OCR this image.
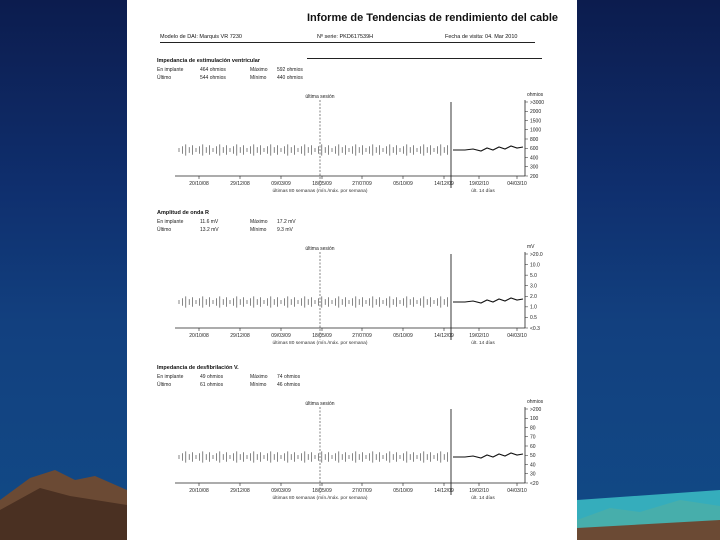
Informe de Tendencias de rendimiento del cable
Modelo de DAI: Marquis VR 7230	Nº serie: PKD617539H	Fecha de visita: 04. Mar 2010
Impedancia de estimulación ventricular
En implante	464 ohmios	Máximo 592 ohmios
Último	544 ohmios	Mínimo 440 ohmios
20/10/08	29/12/08	09/03/09	18/05/09	27/07/09	05/10/09	14/12/09	19/02/10	04/03/10
últimas 80 semanas (mín./máx. por semana)	últ. 14 días
última sesión	ohmios
>3000
2000
1500
1000
800
600
400
300
200
Amplitud de onda R
En implante	11.6 mV	Máximo 17.2 mV
Último	13.2 mV	Mínimo 9.3 mV
20/10/08	29/12/08	09/03/09	18/05/09	27/07/09	05/10/09	14/12/09	19/02/10	04/03/10
últimas 80 semanas (mín./máx. por semana)	últ. 14 días
última sesión	mV
>20.0
10.0
5.0
3.0
2.0
1.0
0.5
<0.3
Impedancia de desfibrilación V.
En implante	49 ohmios	Máximo 74 ohmios
Último	61 ohmios	Mínimo 46 ohmios
20/10/08	29/12/08	09/03/09	18/05/09	27/07/09	05/10/09	14/12/09	19/02/10	04/03/10
últimas 80 semanas (mín./máx. por semana)	últ. 14 días
última sesión	ohmios
>200
100
80
70
60
50
40
30
<20
